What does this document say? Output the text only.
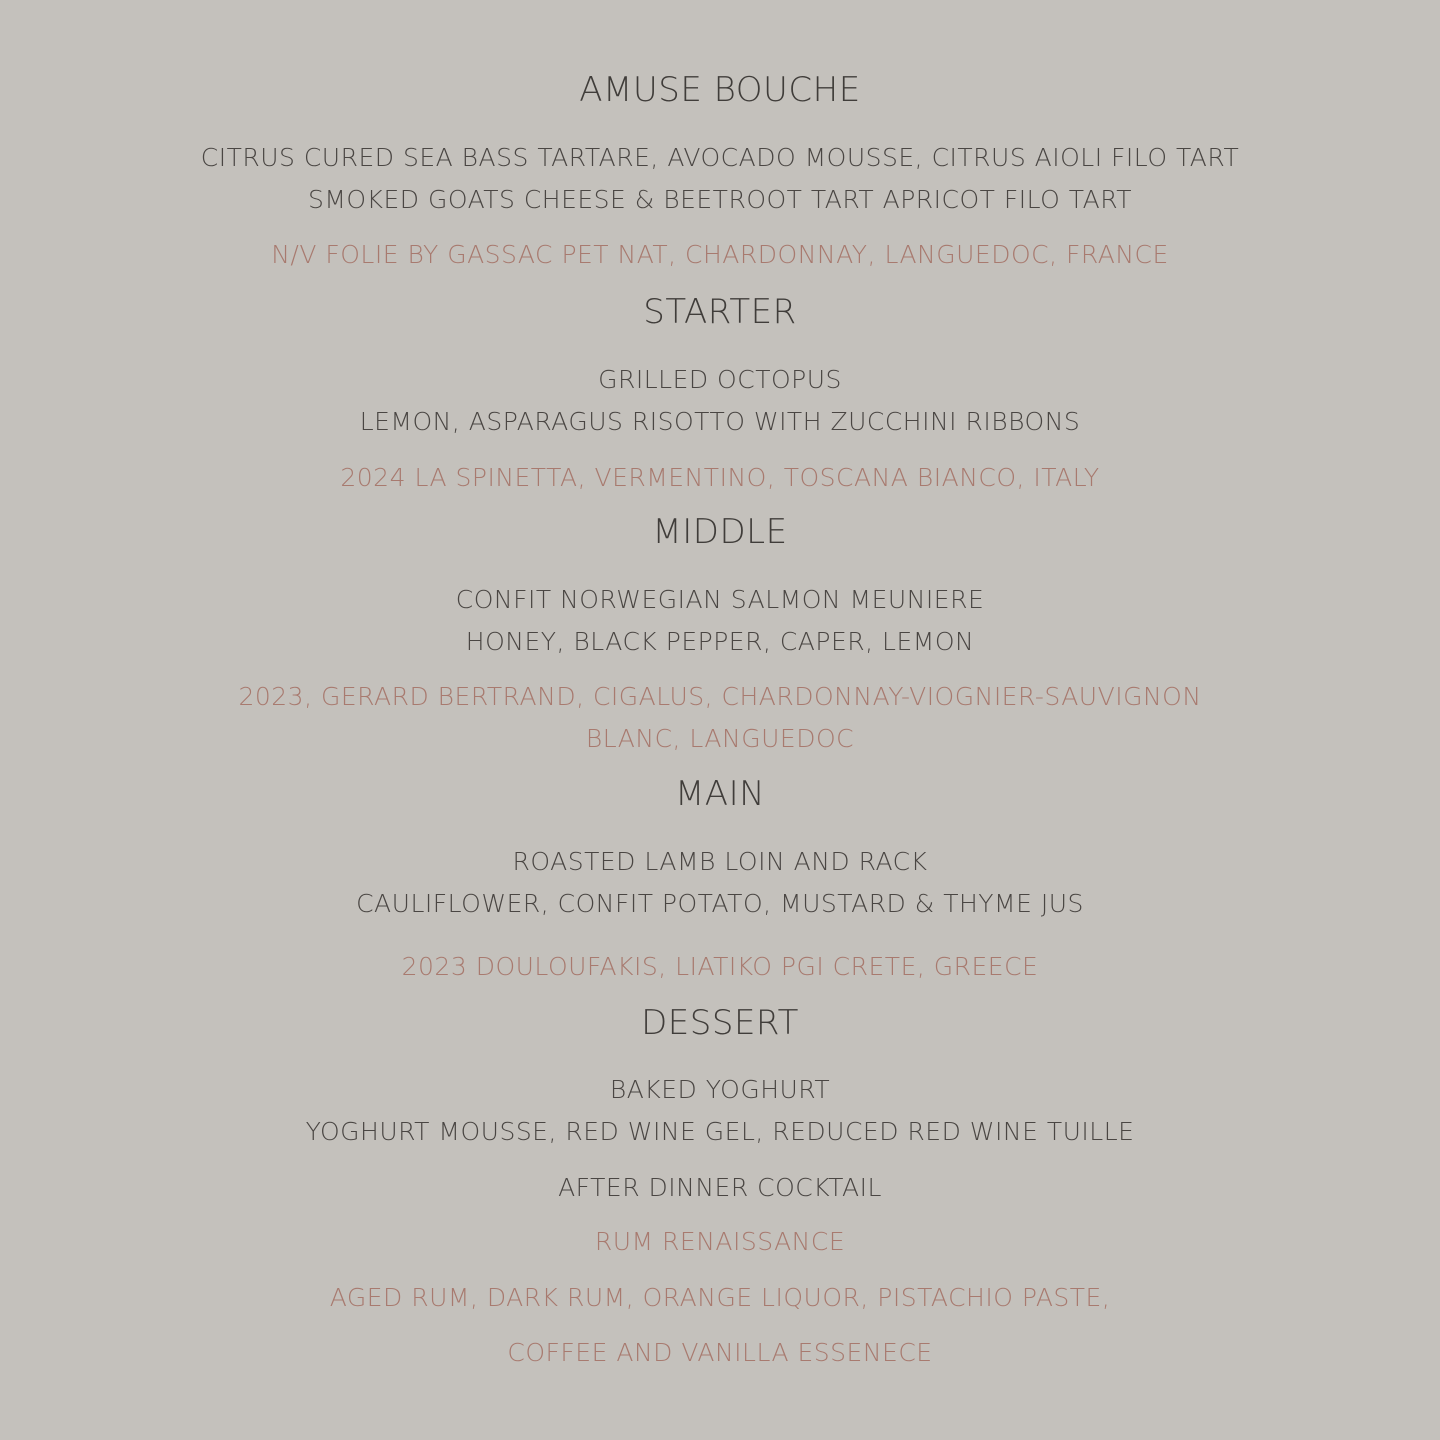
AMUSE BOUCHE
CITRUS CURED SEA BASS TARTARE, AVOCADO MOUSSE, CITRUS AIOLI FILO TART
SMOKED GOATS CHEESE & BEETROOT TART APRICOT FILO TART
N/V FOLIE BY GASSAC PET NAT, CHARDONNAY, LANGUEDOC, FRANCE
STARTER
GRILLED OCTOPUS
LEMON, ASPARAGUS RISOTTO WITH ZUCCHINI RIBBONS
2024 LA SPINETTA, VERMENTINO, TOSCANA BIANCO, ITALY
MIDDLE
CONFIT NORWEGIAN SALMON MEUNIERE
HONEY, BLACK PEPPER, CAPER, LEMON
2023, GERARD BERTRAND, CIGALUS, CHARDONNAY-VIOGNIER-SAUVIGNON
BLANC, LANGUEDOC
MAIN
ROASTED LAMB LOIN AND RACK
CAULIFLOWER, CONFIT POTATO, MUSTARD & THYME JUS
2023 DOULOUFAKIS, LIATIKO PGI CRETE, GREECE
DESSERT
BAKED YOGHURT
YOGHURT MOUSSE, RED WINE GEL, REDUCED RED WINE TUILLE
AFTER DINNER COCKTAIL
RUM RENAISSANCE
AGED RUM, DARK RUM, ORANGE LIQUOR, PISTACHIO PASTE,
COFFEE AND VANILLA ESSENECE
